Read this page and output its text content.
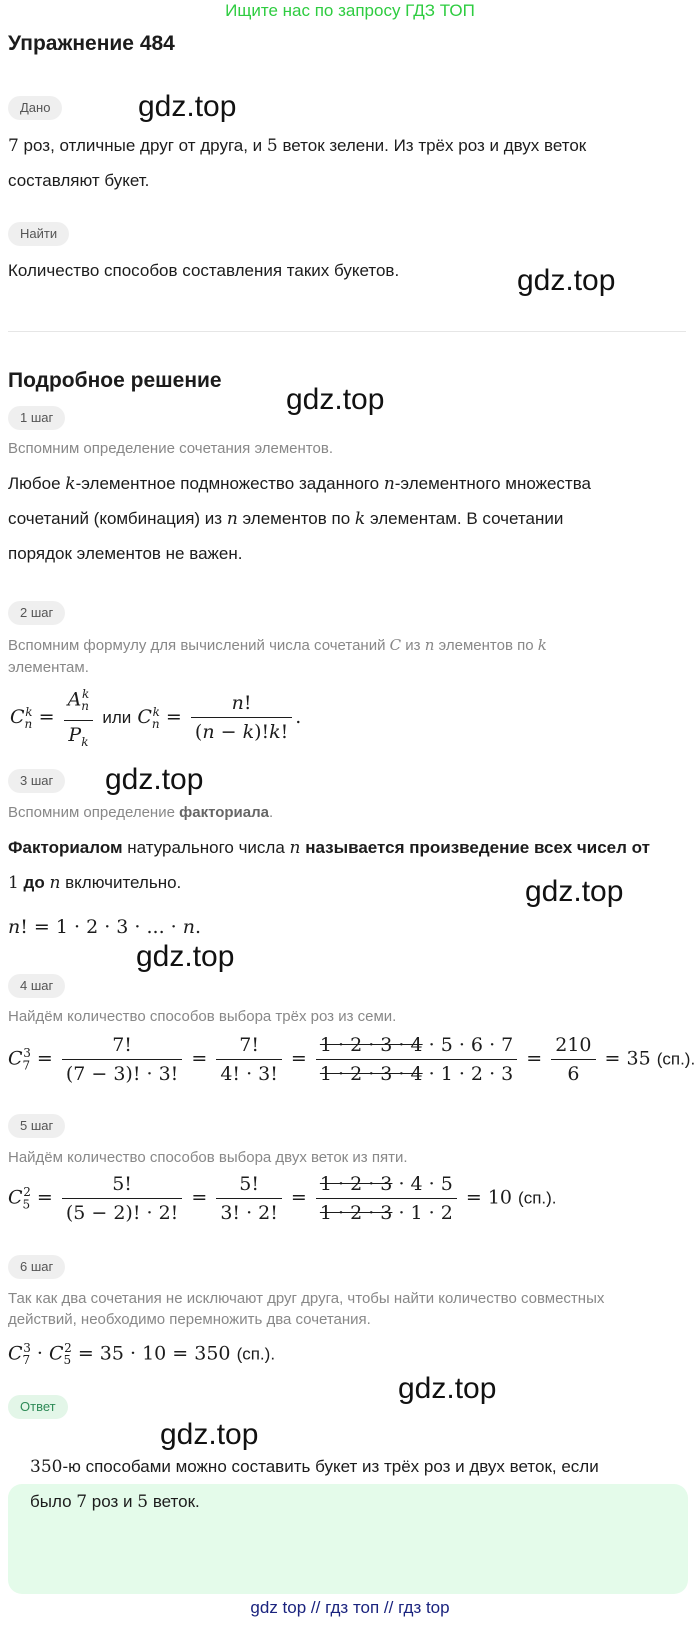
Ищите нас по запросу ГДЗ ТОП
Упражнение 484
Дано	gdz.top
7 роз, отличные друг от друга, и 5 веток зелени. Из трёх роз и двух веток
составляют букет.
Найти
Количество способов составления таких букетов.	gdz.top
Подробное решение
gdz.top
1 шаг
Вспомним определение сочетания элементов.
Любое k-элементное подмножество заданного n-элементного множества
сочетаний (комбинация) из n элементов по k элементам. В сочетании
порядок элементов не важен.
2 шаг
Вспомним формулу для вычислений числа сочетаний C из n элементов по k
элементам.
$C_n^k = \frac{A_n^k}{P_k}$ или $C_n^k = \frac{n!}{(n - k)!k!}$ .
3 шаг	gdz.top
Вспомним определение факториала.
Факториалом натурального числа n называется произведение всех чисел от
1 до n включительно.	gdz.top
n! = 1 · 2 · 3 · ... · n.
gdz.top
4 шаг
Найдём количество способов выбора трёх роз из семи.
$C_7^3 = \frac{7!}{(7 - 3)! \cdot 3!} = \frac{7!}{4! \cdot 3!} = \frac{1 \cdot 2 \cdot 3 \cdot 4 \cdot 5 \cdot 6 \cdot 7}{1 \cdot 2 \cdot 3 \cdot 4 \cdot 1 \cdot 2 \cdot 3} = \frac{210}{6} = 35$ (сп.).
5 шаг
Найдём количество способов выбора двух веток из пяти.
$C_5^2 = \frac{5!}{(5 - 2)! \cdot 2!} = \frac{5!}{3! \cdot 2!} = \frac{1 \cdot 2 \cdot 3 \cdot 4 \cdot 5}{1 \cdot 2 \cdot 3 \cdot 1 \cdot 2} = 10$ (сп.).
6 шаг
Так как два сочетания не исключают друг друга, чтобы найти количество совместных
действий, необходимо перемножить два сочетания.
$C_7^3 \cdot C_5^2 = 35 \cdot 10 = 350$ (сп.).
gdz.top
Ответ
gdz.top
350-ю способами можно составить букет из трёх роз и двух веток, если
было 7 роз и 5 веток.
gdz top // гдз топ // гдз top
